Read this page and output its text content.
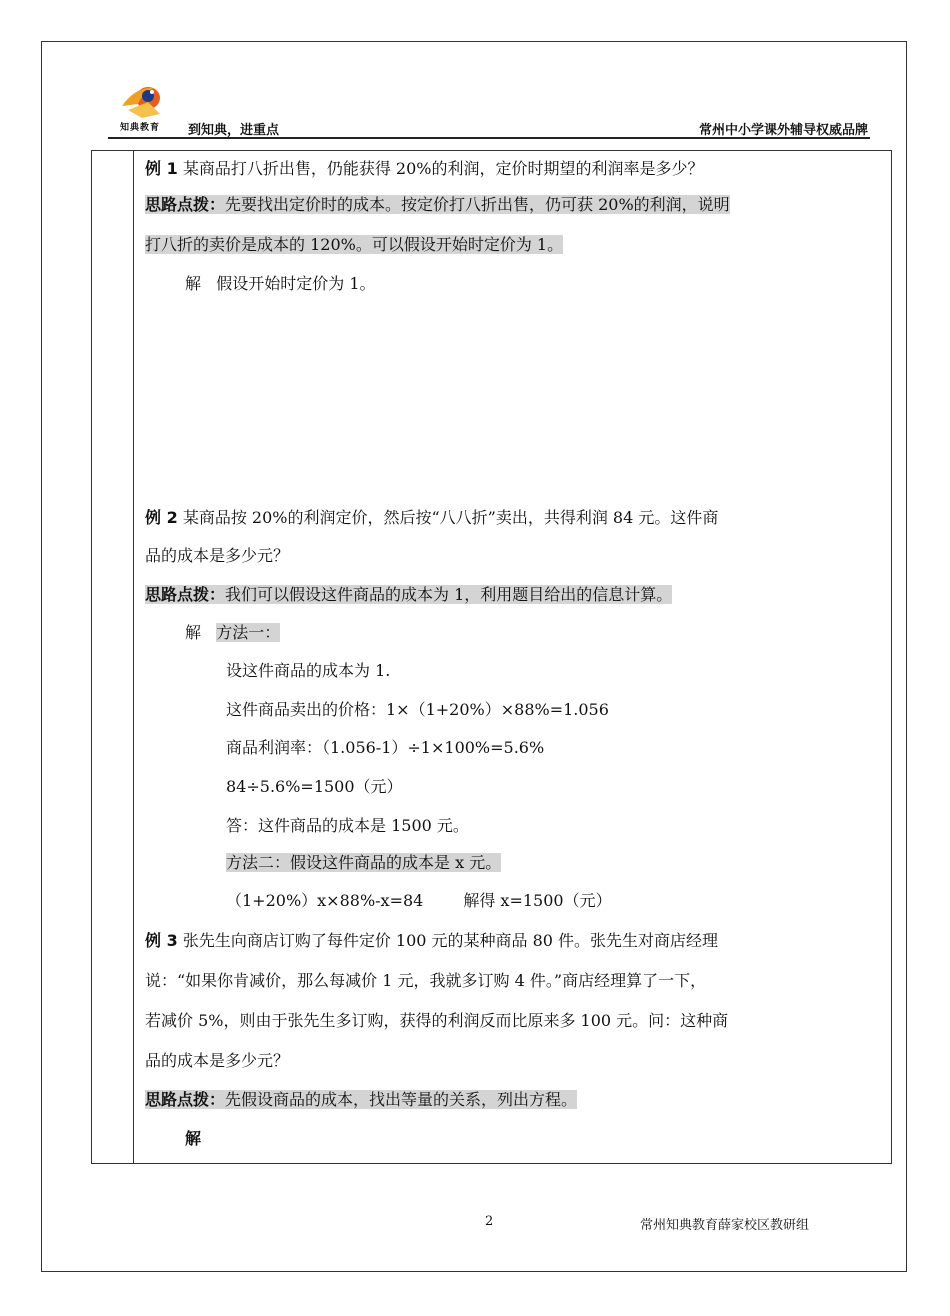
知典教育	到知典，进重点	常州中小学课外辅导权威品牌
例 1 某商品打八折出售，仍能获得 20%的利润，定价时期望的利润率是多少？
思路点拨：先要找出定价时的成本。按定价打八折出售，仍可获 20%的利润，说明
打八折的卖价是成本的 120%。可以假设开始时定价为 1。
解 假设开始时定价为 1。
例 2 某商品按 20%的利润定价，然后按“八八折”卖出，共得利润 84 元。这件商
品的成本是多少元？
思路点拨：我们可以假设这件商品的成本为 1，利用题目给出的信息计算。
解 方法一：
设这件商品的成本为 1.
这件商品卖出的价格：1×（1+20%）×88%=1.056
商品利润率：（1.056-1）÷1×100%=5.6%
84÷5.6%=1500（元）
答：这件商品的成本是 1500 元。
方法二：假设这件商品的成本是 x 元。
（1+20%）x×88%-x=84	解得 x=1500（元）
例 3 张先生向商店订购了每件定价 100 元的某种商品 80 件。张先生对商店经理
说：“如果你肯减价，那么每减价 1 元，我就多订购 4 件。”商店经理算了一下，
若减价 5%，则由于张先生多订购，获得的利润反而比原来多 100 元。问：这种商
品的成本是多少元？
思路点拨：先假设商品的成本，找出等量的关系，列出方程。
解
2	常州知典教育薛家校区教研组
